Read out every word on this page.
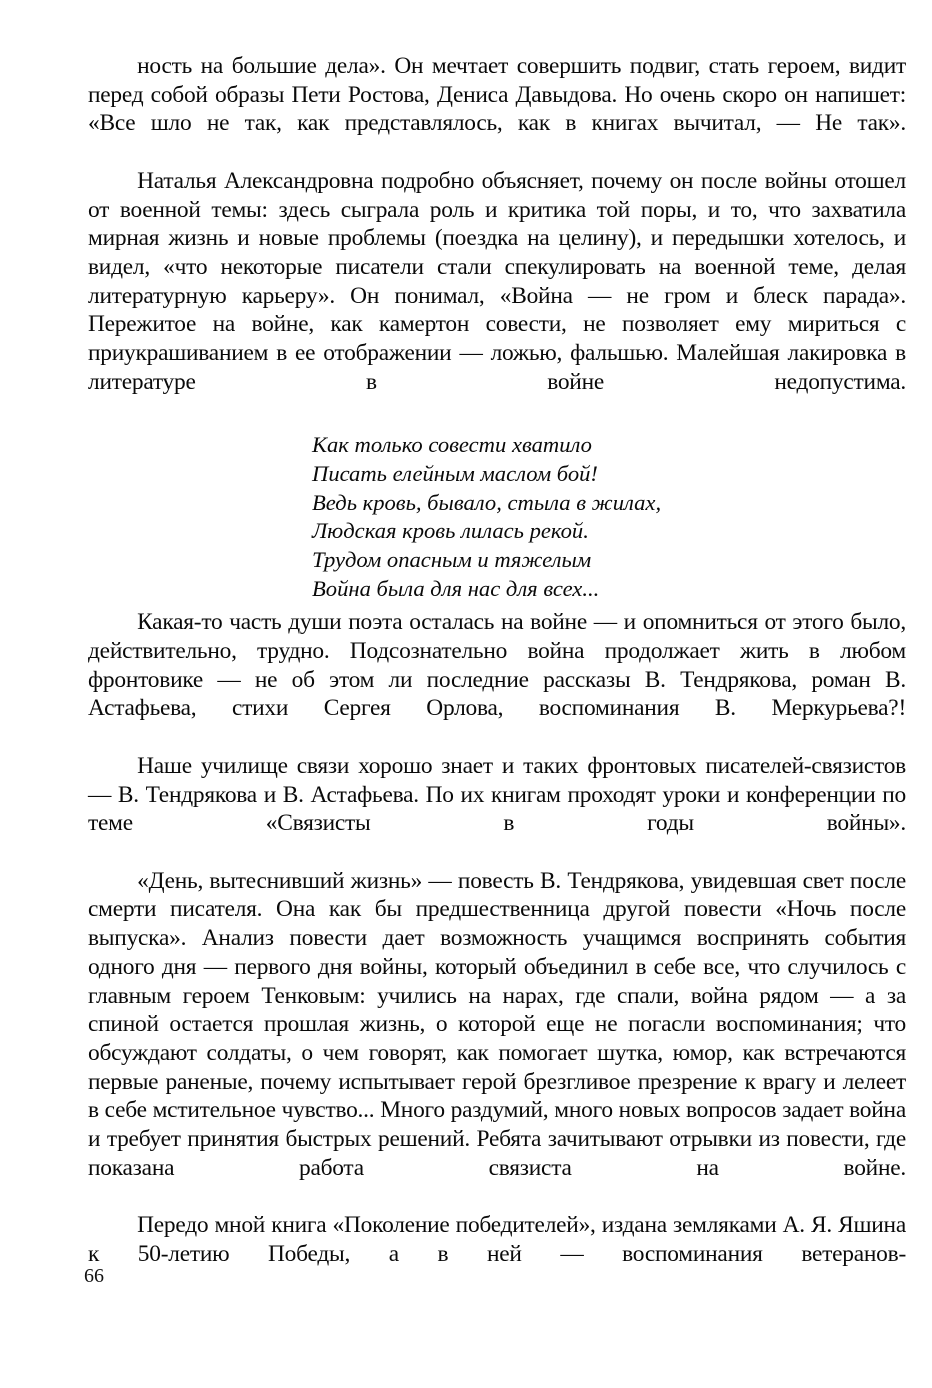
ность на большие дела». Он мечтает совершить подвиг, стать героем, видит перед собой образы Пети Ростова, Дениса Давыдова. Но очень скоро он напишет: «Все шло не так, как представлялось, как в книгах вычитал, — Не так».

Наталья Александровна подробно объясняет, почему он после войны отошел от военной темы: здесь сыграла роль и критика той поры, и то, что захватила мирная жизнь и новые проблемы (поездка на целину), и передышки хотелось, и видел, «что некоторые писатели стали спекулировать на военной теме, делая литературную карьеру». Он понимал, «Война — не гром и блеск парада». Пережитое на войне, как камертон совести, не позволяет ему мириться с приукрашиванием в ее отображении — ложью, фальшью. Малейшая лакировка в литературе в войне недопустима.

Как только совести хватило
Писать елейным маслом бой!
Ведь кровь, бывало, стыла в жилах,
Людская кровь лилась рекой.
Трудом опасным и тяжелым
Война была для нас для всех...

Какая-то часть души поэта осталась на войне — и опомниться от этого было, действительно, трудно. Подсознательно война продолжает жить в любом фронтовике — не об этом ли последние рассказы В. Тендрякова, роман В. Астафьева, стихи Сергея Орлова, воспоминания В. Меркурьева?!

Наше училище связи хорошо знает и таких фронтовых писателей-связистов — В. Тендрякова и В. Астафьева. По их книгам проходят уроки и конференции по теме «Связисты в годы войны».

«День, вытеснивший жизнь» — повесть В. Тендрякова, увидевшая свет после смерти писателя. Она как бы предшественница другой повести «Ночь после выпуска». Анализ повести дает возможность учащимся воспринять события одного дня — первого дня войны, который объединил в себе все, что случилось с главным героем Тенковым: учились на нарах, где спали, война рядом — а за спиной остается прошлая жизнь, о которой еще не погасли воспоминания; что обсуждают солдаты, о чем говорят, как помогает шутка, юмор, как встречаются первые раненые, почему испытывает герой брезгливое презрение к врагу и лелеет в себе мстительное чувство... Много раздумий, много новых вопросов задает война и требует принятия быстрых решений. Ребята зачитывают отрывки из повести, где показана работа связиста на войне.

Передо мной книга «Поколение победителей», издана земляками А. Я. Яшина к 50-летию Победы, а в ней — воспоминания ветеранов-

66
